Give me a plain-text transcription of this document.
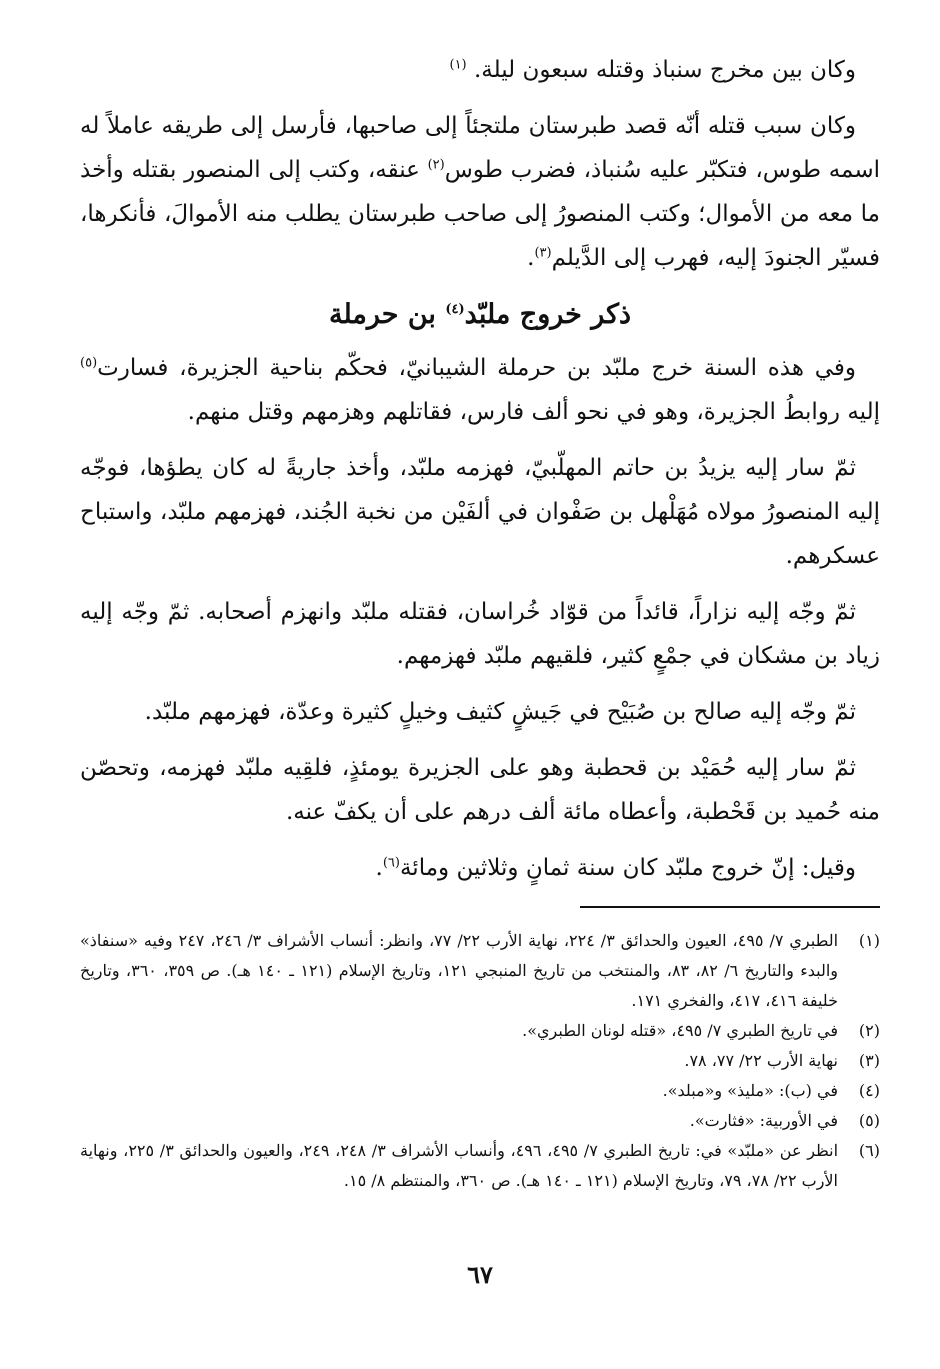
وكان بين مخرج سنباذ وقتله سبعون ليلة. $^{(١)}$

وكان سبب قتله أنّه قصد طبرستان ملتجئاً إلى صاحبها، فأرسل إلى طريقه عاملاً له اسمه طوس، فتكبّر عليه سُنباذ، فضرب طوس$^{(٢)}$ عنقه، وكتب إلى المنصور بقتله وأخذ ما معه من الأموال؛ وكتب المنصورُ إلى صاحب طبرستان يطلب منه الأموالَ، فأنكرها، فسيّر الجنودَ إليه، فهرب إلى الدَّيلم$^{(٣)}$.

ذكر خروج ملبّد$^{(٤)}$ بن حرملة

وفي هذه السنة خرج ملبّد بن حرملة الشيبانيّ، فحكّم بناحية الجزيرة، فسارت$^{(٥)}$ إليه روابطُ الجزيرة، وهو في نحو ألف فارس، فقاتلهم وهزمهم وقتل منهم.

ثمّ سار إليه يزيدُ بن حاتم المهلّبيّ، فهزمه ملبّد، وأخذ جاريةً له كان يطؤها، فوجّه إليه المنصورُ مولاه مُهَلْهل بن صَفْوان في ألفَيْن من نخبة الجُند، فهزمهم ملبّد، واستباح عسكرهم.

ثمّ وجّه إليه نزاراً، قائداً من قوّاد خُراسان، فقتله ملبّد وانهزم أصحابه. ثمّ وجّه إليه زياد بن مشكان في جمْعٍ كثير، فلقيهم ملبّد فهزمهم.

ثمّ وجّه إليه صالح بن صُبَيْح في جَيشٍ كثيف وخيلٍ كثيرة وعدّة، فهزمهم ملبّد.

ثمّ سار إليه حُمَيْد بن قحطبة وهو على الجزيرة يومئذٍ، فلقِيه ملبّد فهزمه، وتحصّن منه حُميد بن قَحْطبة، وأعطاه مائة ألف درهم على أن يكفّ عنه.

وقيل: إنّ خروج ملبّد كان سنة ثمانٍ وثلاثين ومائة$^{(٦)}$.

(١)
الطبري ٧/ ٤٩٥، العيون والحدائق ٣/ ٢٢٤، نهاية الأرب ٢٢/ ٧٧، وانظر: أنساب الأشراف ٣/ ٢٤٦، ٢٤٧ وفيه «سنفاذ» والبدء والتاريخ ٦/ ٨٢، ٨٣، والمنتخب من تاريخ المنبجي ١٢١، وتاريخ الإسلام (١٢١ ـ ١٤٠ هـ). ص ٣٥٩، ٣٦٠، وتاريخ خليفة ٤١٦، ٤١٧، والفخري ١٧١.
(٢)
في تاريخ الطبري ٧/ ٤٩٥، «قتله لونان الطبري».
(٣)
نهاية الأرب ٢٢/ ٧٧، ٧٨.
(٤)
في (ب): «مليذ» و«مبلد».
(٥)
في الأوربية: «فثارت».
(٦)
انظر عن «ملبّد» في: تاريخ الطبري ٧/ ٤٩٥، ٤٩٦، وأنساب الأشراف ٣/ ٢٤٨، ٢٤٩، والعيون والحدائق ٣/ ٢٢٥، ونهاية الأرب ٢٢/ ٧٨، ٧٩، وتاريخ الإسلام (١٢١ ـ ١٤٠ هـ). ص ٣٦٠، والمنتظم ٨/ ١٥.
٦٧
